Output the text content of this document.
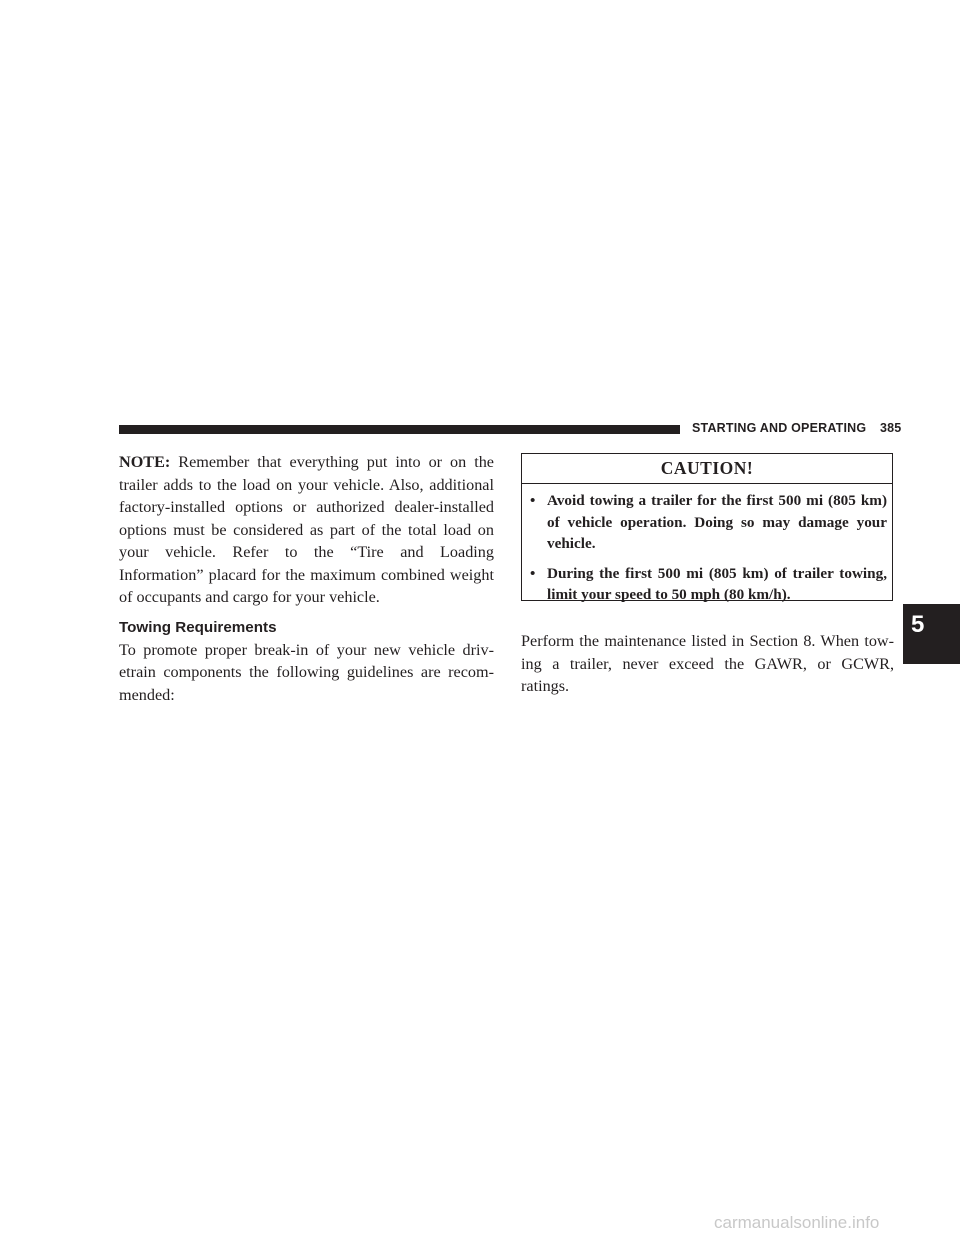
STARTING AND OPERATING 385

NOTE: Remember that everything put into or on the trailer adds to the load on your vehicle. Also, additional factory-installed options or authorized dealer-installed options must be considered as part of the total load on your vehicle. Refer to the “Tire and Loading Information” placard for the maximum combined weight of occupants and cargo for your vehicle.

Towing Requirements

To promote proper break-in of your new vehicle driv- etrain components the following guidelines are recom- mended:

CAUTION!
• Avoid towing a trailer for the first 500 mi (805 km) of vehicle operation. Doing so may damage your vehicle.
• During the first 500 mi (805 km) of trailer towing, limit your speed to 50 mph (80 km/h).
5

Perform the maintenance listed in Section 8. When tow- ing a trailer, never exceed the GAWR, or GCWR, ratings.

carmanualsonline.info
